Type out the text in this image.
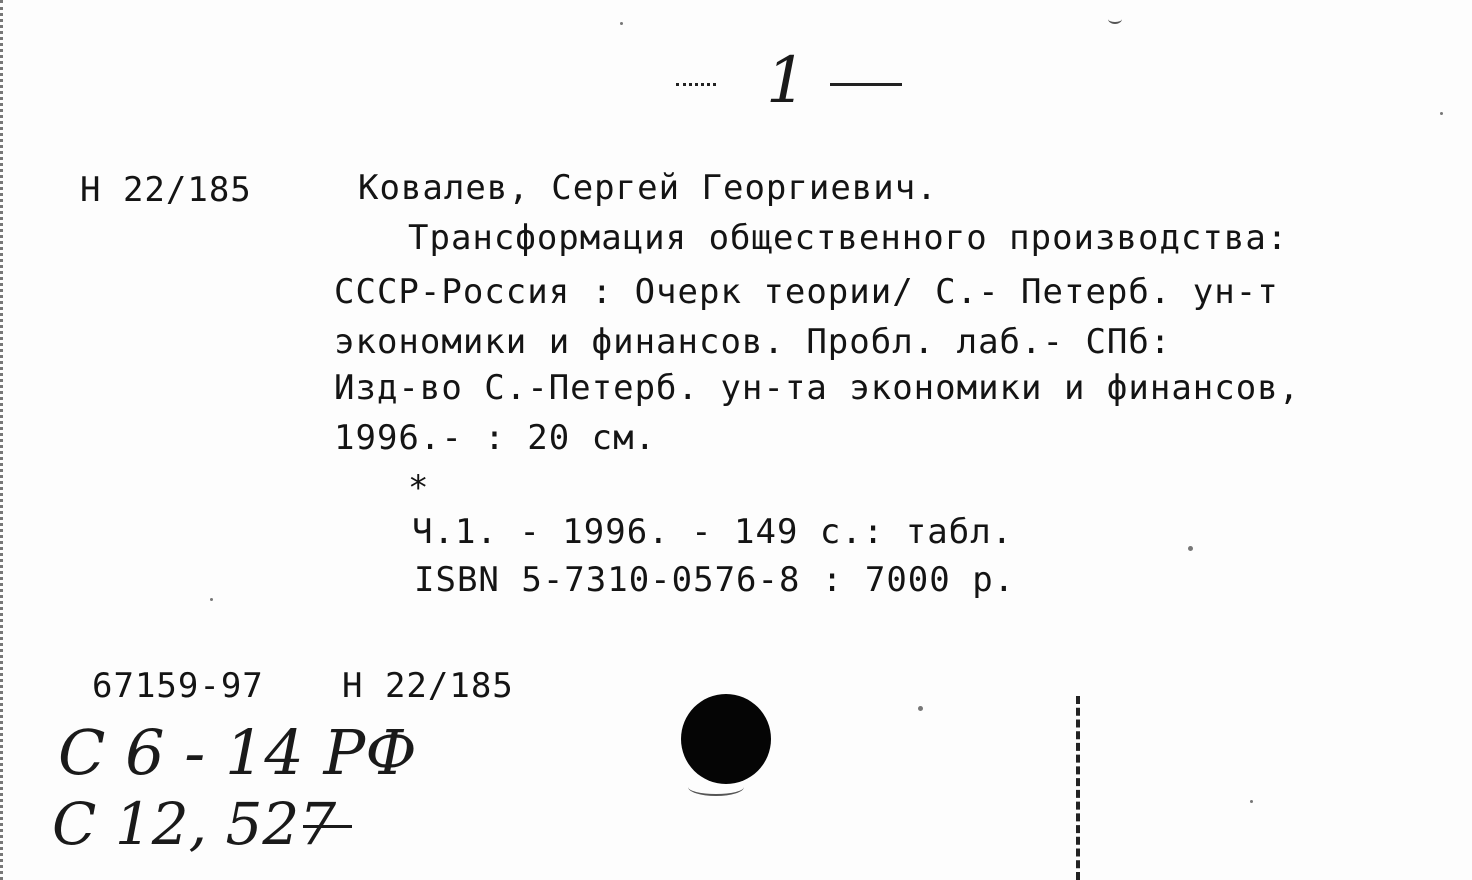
1
Н 22/185	Ковалев, Сергей Георгиевич.
Трансформация общественного производства:
СССР-Россия : Очерк теории/ С.- Петерб. ун-т
экономики и финансов. Пробл. лаб.- СПб:
Изд-во С.-Петерб. ун-та экономики и финансов,
1996.- : 20 см.
*
Ч.1. - 1996. - 149 с.: табл.
ISBN 5-7310-0576-8 : 7000 р.
67159-97 Н 22/185
С 6 - 14 РФ
С 12, 527
